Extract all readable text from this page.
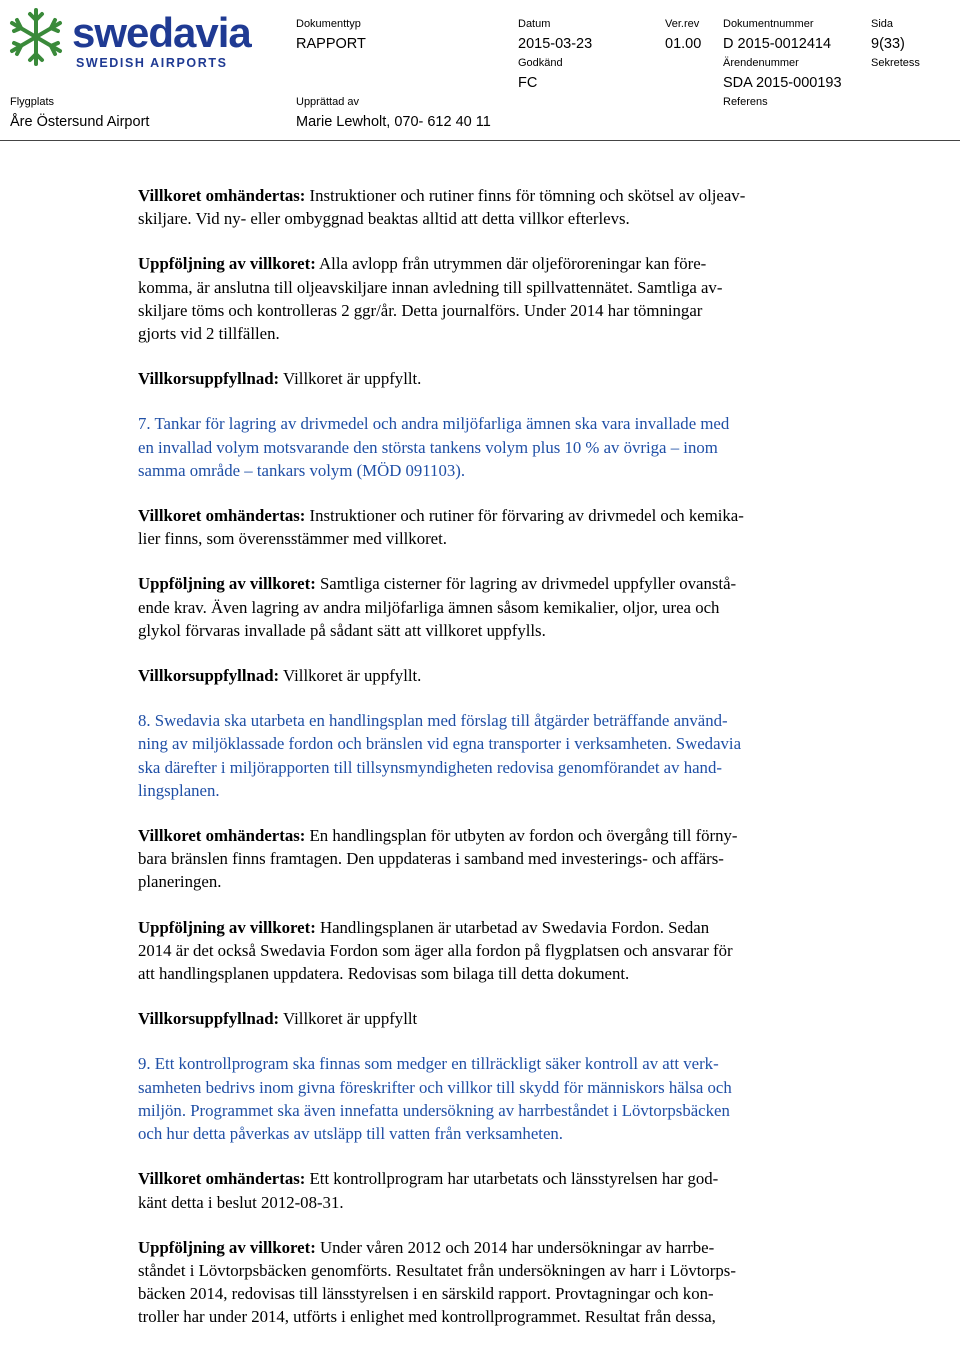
swedavia
SWEDISH AIRPORTS
Dokumenttyp
RAPPORT
Datum
2015-03-23
Ver.rev
01.00
Dokumentnummer
D 2015-0012414
Sida
9(33)
Godkänd
FC
Ärendenummer
SDA 2015-000193
Sekretess
Flygplats
Åre Östersund Airport
Upprättad av
Marie Lewholt, 070- 612 40 11
Referens

Villkoret omhändertas: Instruktioner och rutiner finns för tömning och skötsel av oljeav-
skiljare. Vid ny- eller ombyggnad beaktas alltid att detta villkor efterlevs.

Uppföljning av villkoret: Alla avlopp från utrymmen där oljeföroreningar kan före-
komma, är anslutna till oljeavskiljare innan avledning till spillvattennätet. Samtliga av-
skiljare töms och kontrolleras 2 ggr/år. Detta journalförs. Under 2014 har tömningar
gjorts vid 2 tillfällen.

Villkorsuppfyllnad: Villkoret är uppfyllt.

7. Tankar för lagring av drivmedel och andra miljöfarliga ämnen ska vara invallade med
en invallad volym motsvarande den största tankens volym plus 10 % av övriga – inom
samma område – tankars volym (MÖD 091103).

Villkoret omhändertas: Instruktioner och rutiner för förvaring av drivmedel och kemika-
lier finns, som överensstämmer med villkoret.

Uppföljning av villkoret: Samtliga cisterner för lagring av drivmedel uppfyller ovanstå-
ende krav. Även lagring av andra miljöfarliga ämnen såsom kemikalier, oljor, urea och
glykol förvaras invallade på sådant sätt att villkoret uppfylls.

Villkorsuppfyllnad: Villkoret är uppfyllt.

8. Swedavia ska utarbeta en handlingsplan med förslag till åtgärder beträffande använd-
ning av miljöklassade fordon och bränslen vid egna transporter i verksamheten. Swedavia
ska därefter i miljörapporten till tillsynsmyndigheten redovisa genomförandet av hand-
lingsplanen.

Villkoret omhändertas: En handlingsplan för utbyten av fordon och övergång till förny-
bara bränslen finns framtagen. Den uppdateras i samband med investerings- och affärs-
planeringen.

Uppföljning av villkoret: Handlingsplanen är utarbetad av Swedavia Fordon. Sedan
2014 är det också Swedavia Fordon som äger alla fordon på flygplatsen och ansvarar för
att handlingsplanen uppdatera. Redovisas som bilaga till detta dokument.

Villkorsuppfyllnad: Villkoret är uppfyllt

9. Ett kontrollprogram ska finnas som medger en tillräckligt säker kontroll av att verk-
samheten bedrivs inom givna föreskrifter och villkor till skydd för människors hälsa och
miljön. Programmet ska även innefatta undersökning av harrbeståndet i Lövtorpsbäcken
och hur detta påverkas av utsläpp till vatten från verksamheten.

Villkoret omhändertas: Ett kontrollprogram har utarbetats och länsstyrelsen har god-
känt detta i beslut 2012-08-31.

Uppföljning av villkoret: Under våren 2012 och 2014 har undersökningar av harrbe-
ståndet i Lövtorpsbäcken genomförts. Resultatet från undersökningen av harr i Lövtorps-
bäcken 2014, redovisas till länsstyrelsen i en särskild rapport. Provtagningar och kon-
troller har under 2014, utförts i enlighet med kontrollprogrammet. Resultat från dessa,
